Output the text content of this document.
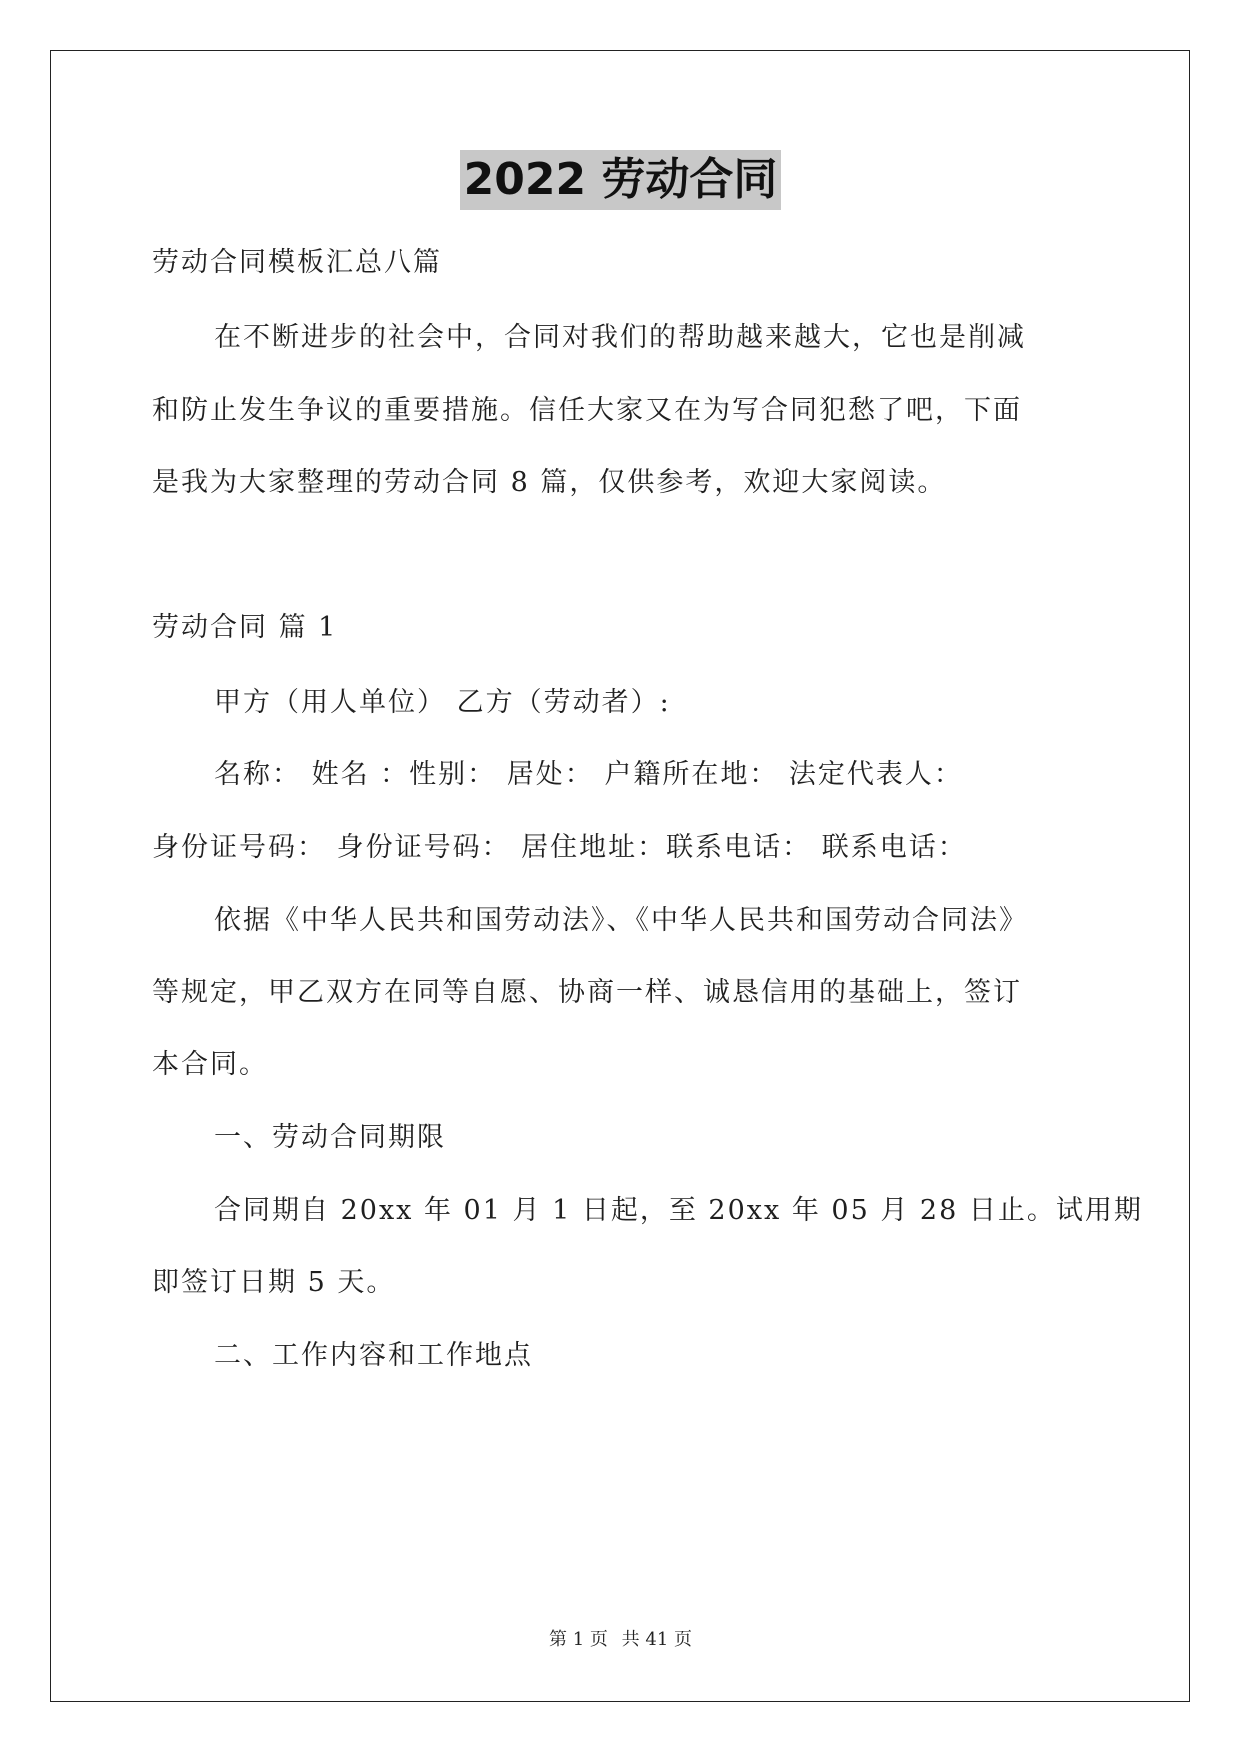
2022 劳动合同
劳动合同模板汇总八篇
在不断进步的社会中，合同对我们的帮助越来越大，它也是削减
和防止发生争议的重要措施。信任大家又在为写合同犯愁了吧，下面
是我为大家整理的劳动合同 8 篇，仅供参考，欢迎大家阅读。
劳动合同 篇 1
甲方（用人单位） 乙方（劳动者）:
名称： 姓名 ：性别： 居处： 户籍所在地： 法定代表人：
身份证号码： 身份证号码： 居住地址：联系电话： 联系电话：
依据《中华人民共和国劳动法》、《中华人民共和国劳动合同法》
等规定，甲乙双方在同等自愿、协商一样、诚恳信用的基础上，签订
本合同。
一、劳动合同期限
合同期自 20xx 年 01 月 1 日起，至 20xx 年 05 月 28 日止。试用期
即签订日期 5 天。
二、工作内容和工作地点
第 1 页 共 41 页
